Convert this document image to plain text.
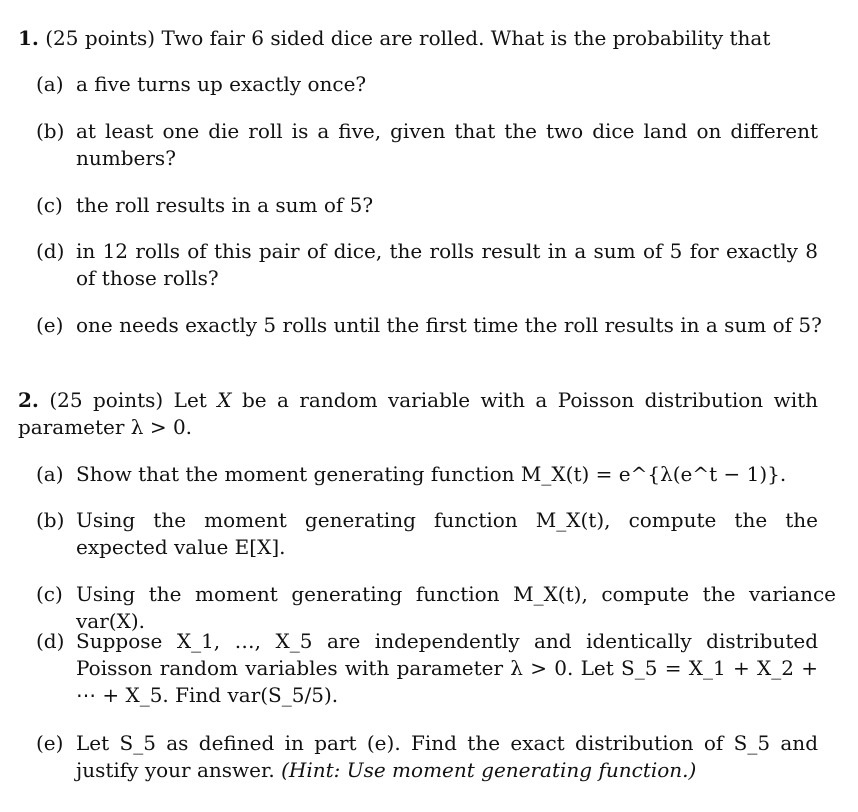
1. (25 points) Two fair 6 sided dice are rolled. What is the probability that
(a) a five turns up exactly once?
(b) at least one die roll is a five, given that the two dice land on different numbers?
(c) the roll results in a sum of 5?
(d) in 12 rolls of this pair of dice, the rolls result in a sum of 5 for exactly 8 of those rolls?
(e) one needs exactly 5 rolls until the first time the roll results in a sum of 5?
2. (25 points) Let X be a random variable with a Poisson distribution with parameter λ > 0.
(a) Show that the moment generating function M_X(t) = e^{λ(e^t − 1)}.
(b) Using the moment generating function M_X(t), compute the the expected value E[X].
(c) Using the moment generating function M_X(t), compute the variance var(X).
(d) Suppose X_1, …, X_5 are independently and identically distributed Poisson random variables with parameter λ > 0. Let S_5 = X_1 + X_2 + ⋯ + X_5. Find var(S_5/5).
(e) Let S_5 as defined in part (e). Find the exact distribution of S_5 and justify your answer. (Hint: Use moment generating function.)
